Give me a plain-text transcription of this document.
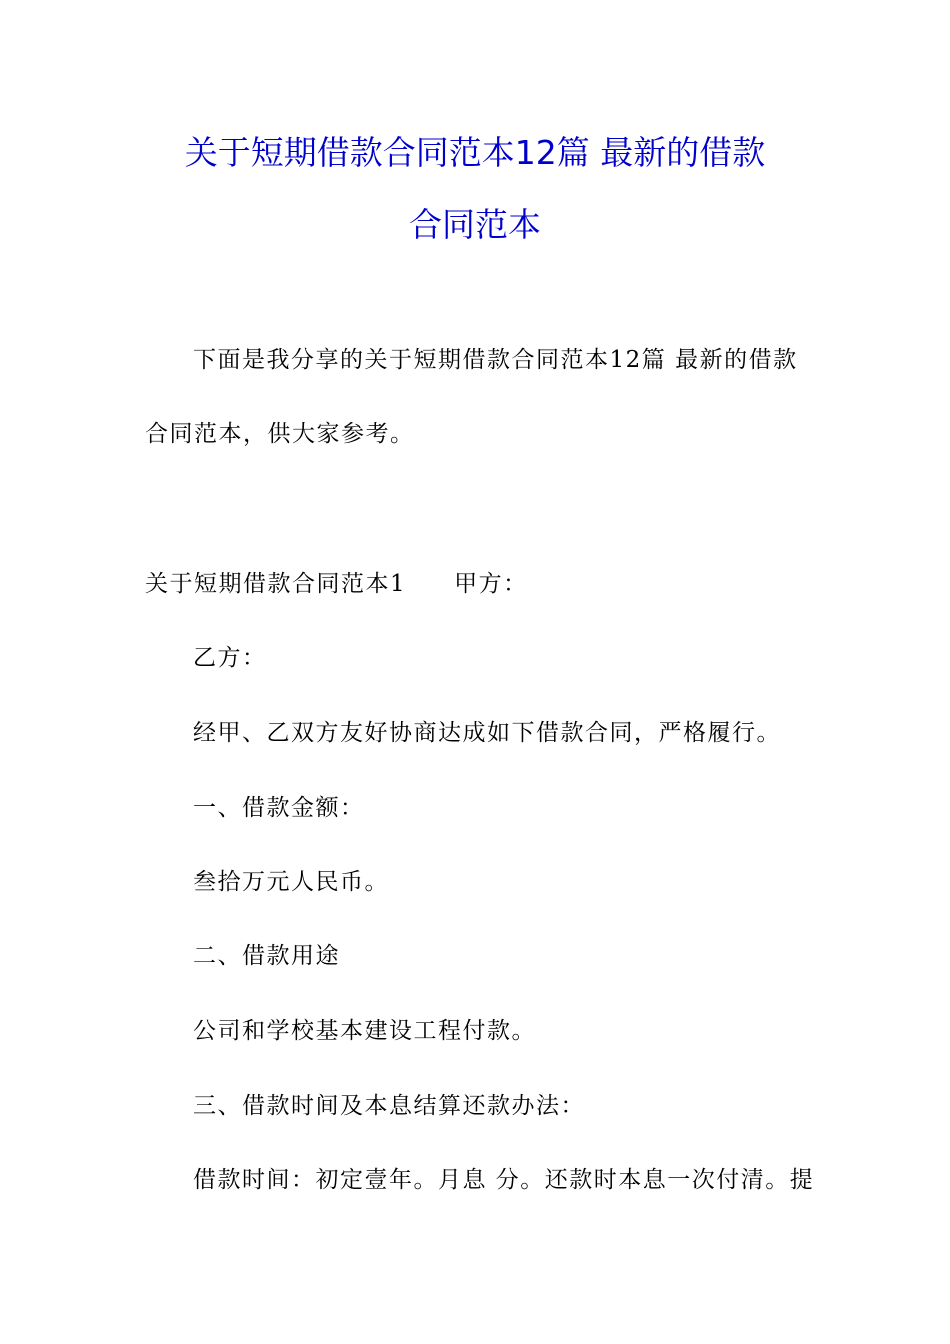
关于短期借款合同范本12篇 最新的借款
合同范本
下面是我分享的关于短期借款合同范本12篇 最新的借款
合同范本，供大家参考。
关于短期借款合同范本1 甲方：
乙方：
经甲、乙双方友好协商达成如下借款合同，严格履行。
一、借款金额：
叁拾万元人民币。
二、借款用途
公司和学校基本建设工程付款。
三、借款时间及本息结算还款办法：
借款时间：初定壹年。月息 分。还款时本息一次付清。提
